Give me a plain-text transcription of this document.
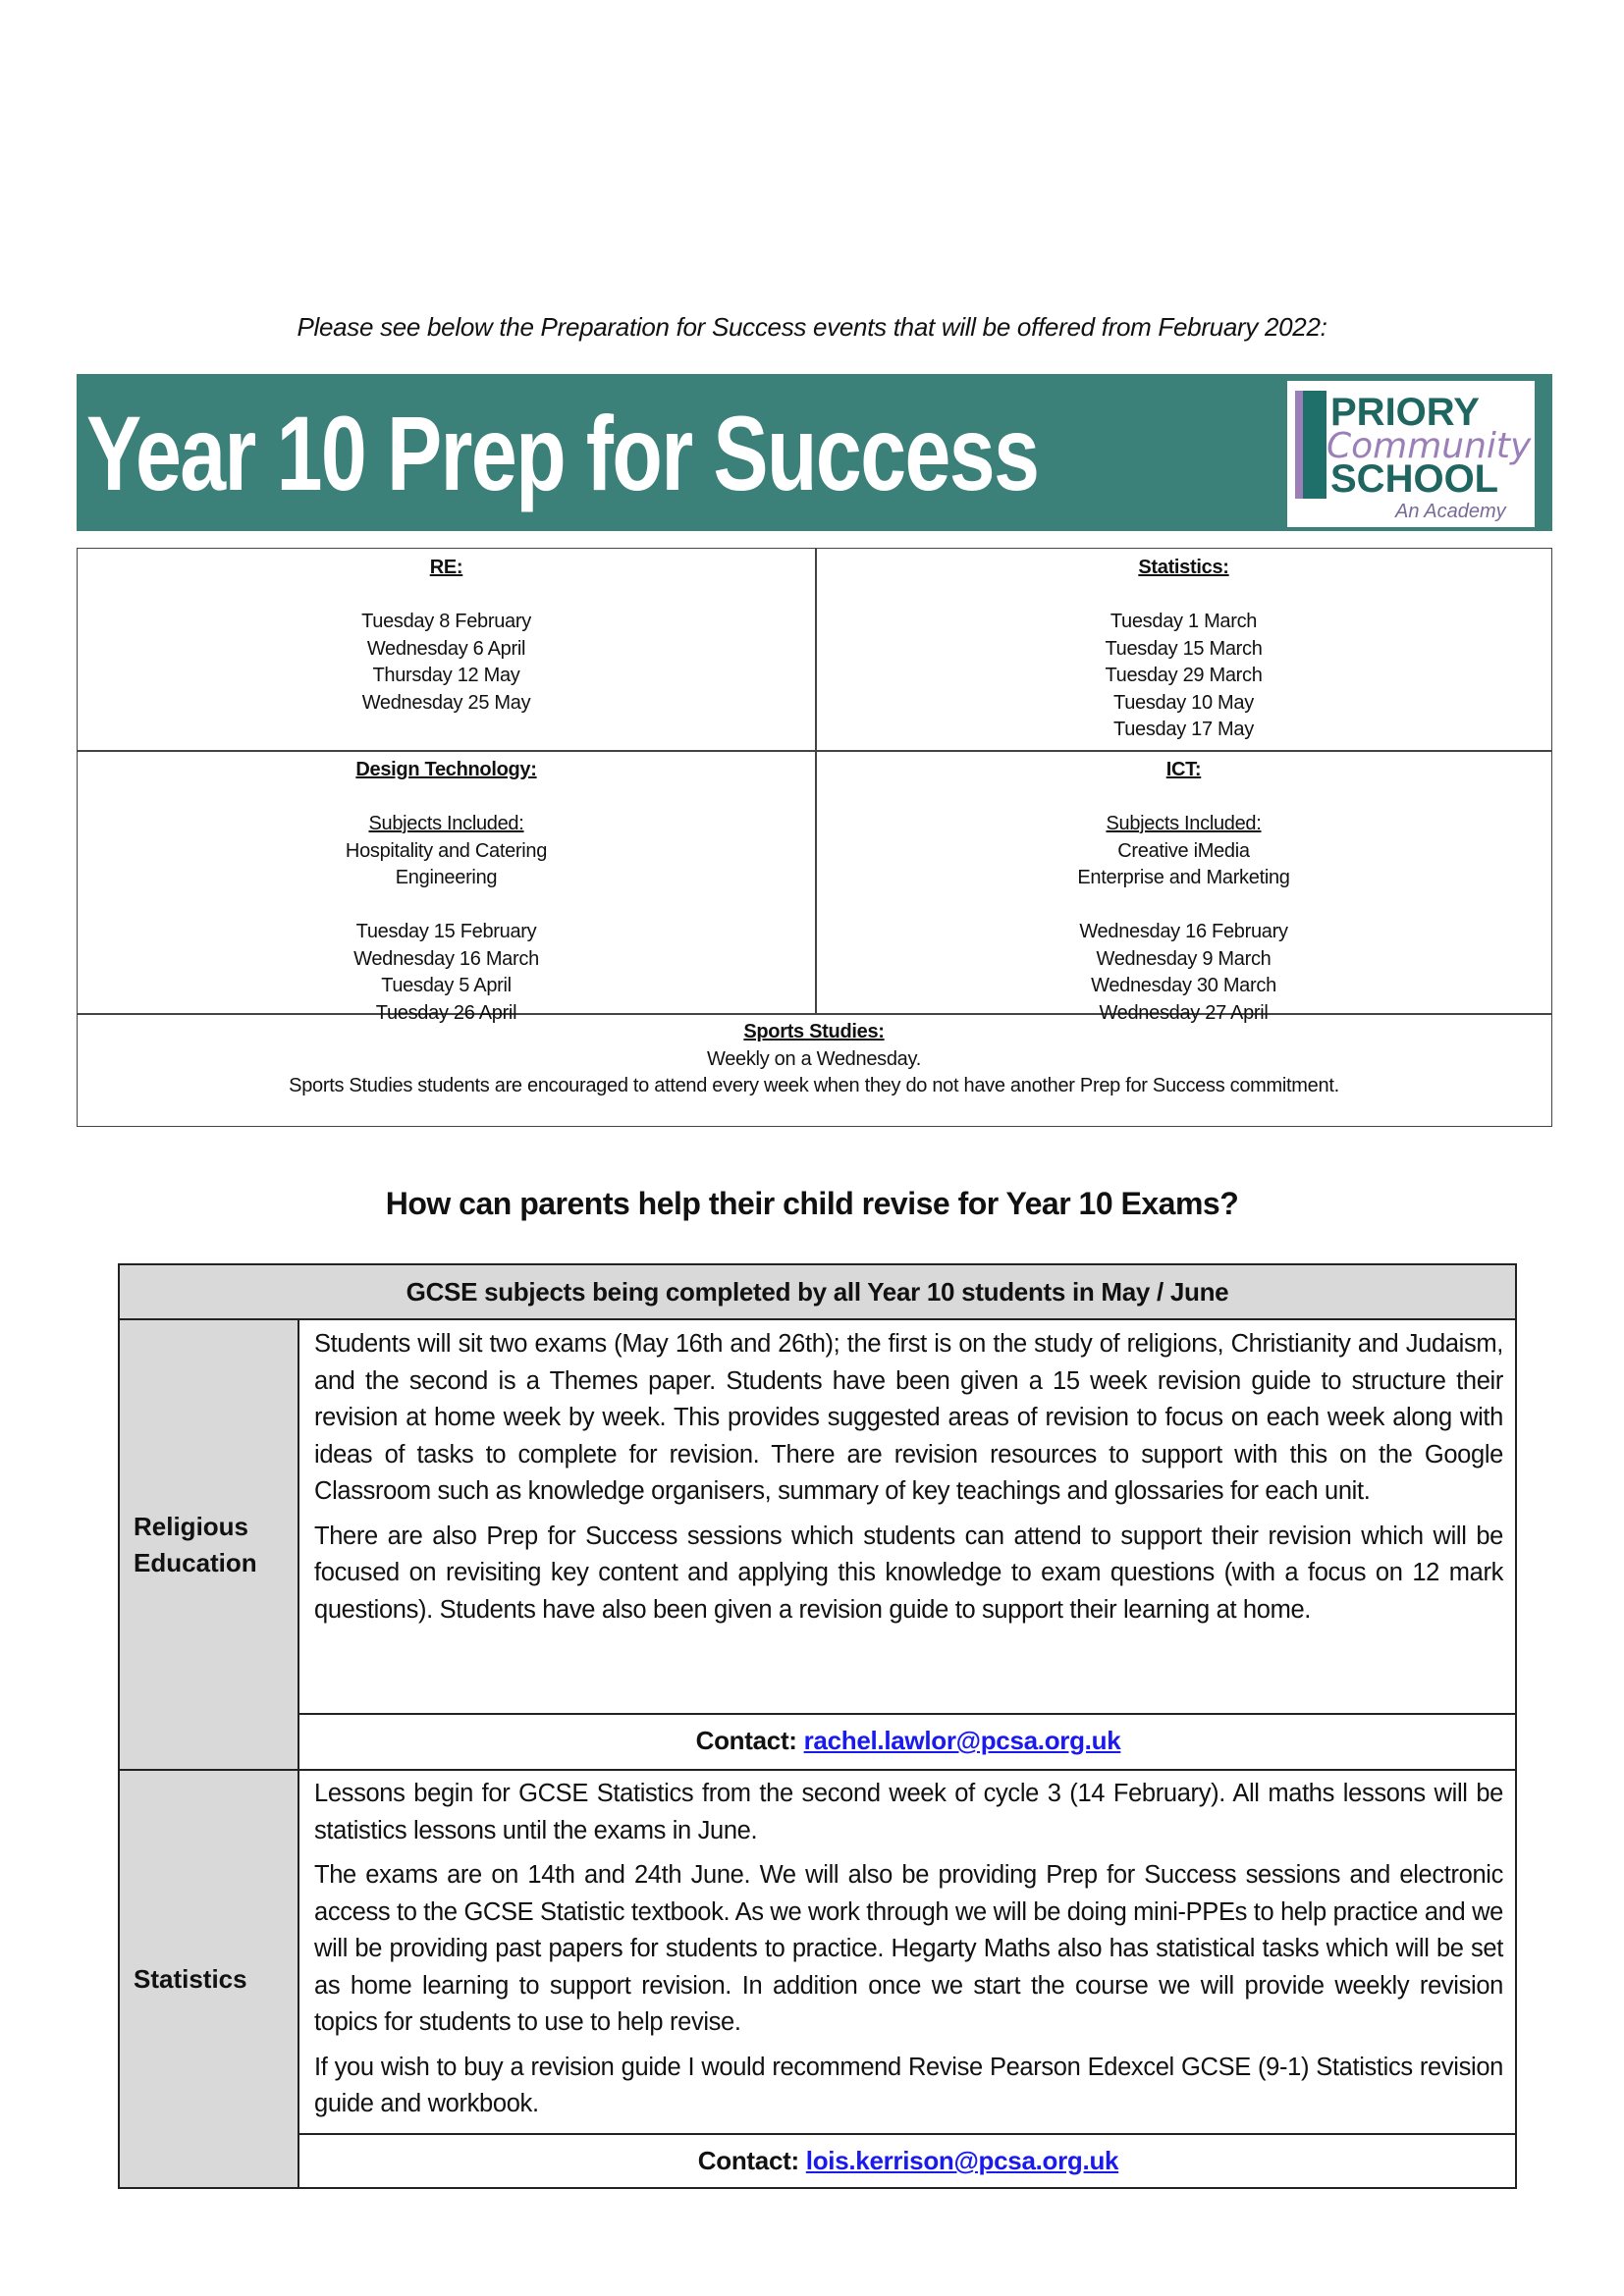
Please see below the Preparation for Success events that will be offered from February 2022:
Year 10 Prep for Success	PRIORY
Community
SCHOOL
An Academy
RE:

Tuesday 8 February
Wednesday 6 April
Thursday 12 May
Wednesday 25 May
Statistics:

Tuesday 1 March
Tuesday 15 March
Tuesday 29 March
Tuesday 10 May
Tuesday 17 May
Design Technology:

Subjects Included:
Hospitality and Catering
Engineering

Tuesday 15 February
Wednesday 16 March
Tuesday 5 April
Tuesday 26 April
ICT:

Subjects Included:
Creative iMedia
Enterprise and Marketing

Wednesday 16 February
Wednesday 9 March
Wednesday 30 March
Wednesday 27 April
Sports Studies:
Weekly on a Wednesday.
Sports Studies students are encouraged to attend every week when they do not have another Prep for Success commitment.
How can parents help their child revise for Year 10 Exams?
GCSE subjects being completed by all Year 10 students in May / June
Religious Education

Students will sit two exams (May 16th and 26th); the first is on the study of religions, Christianity and Judaism, and the second is a Themes paper. Students have been given a 15 week revision guide to structure their revision at home week by week. This provides suggested areas of revision to focus on each week along with ideas of tasks to complete for revision. There are revision resources to support with this on the Google Classroom such as knowledge organisers, summary of key teachings and glossaries for each unit.

There are also Prep for Success sessions which students can attend to support their revision which will be focused on revisiting key content and applying this knowledge to exam questions (with a focus on 12 mark questions). Students have also been given a revision guide to support their learning at home.

Contact: rachel.lawlor@pcsa.org.uk
Statistics

Lessons begin for GCSE Statistics from the second week of cycle 3 (14 February). All maths lessons will be statistics lessons until the exams in June.

The exams are on 14th and 24th June. We will also be providing Prep for Success sessions and electronic access to the GCSE Statistic textbook. As we work through we will be doing mini-PPEs to help practice and we will be providing past papers for students to practice. Hegarty Maths also has statistical tasks which will be set as home learning to support revision. In addition once we start the course we will provide weekly revision topics for students to use to help revise.

If you wish to buy a revision guide I would recommend Revise Pearson Edexcel GCSE (9-1) Statistics revision guide and workbook.

Contact: lois.kerrison@pcsa.org.uk
